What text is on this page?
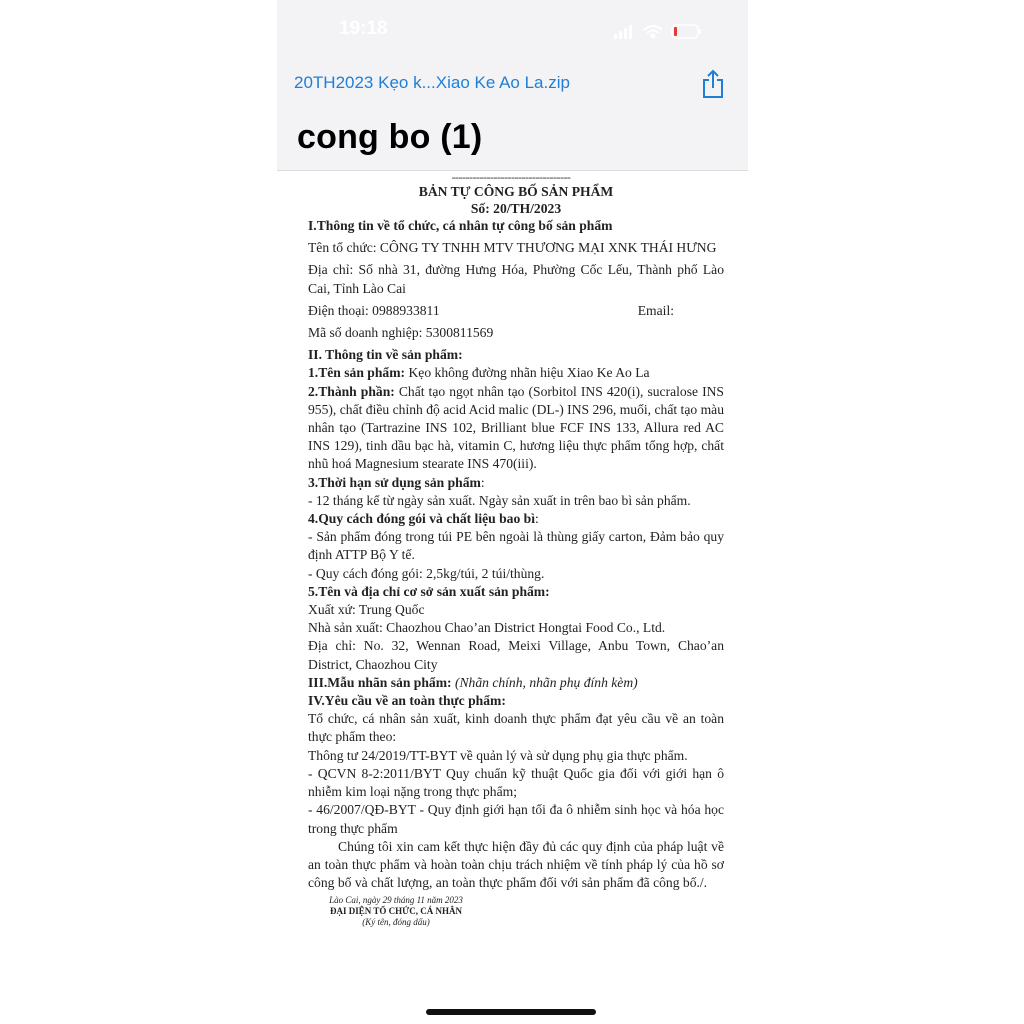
19:18
20TH2023 Kẹo k...Xiao Ke Ao La.zip
cong bo (1)
----------------------------------
BẢN TỰ CÔNG BỐ SẢN PHẨM
Số: 20/TH/2023

I.Thông tin về tổ chức, cá nhân tự công bố sản phẩm

Tên tổ chức: CÔNG TY TNHH MTV THƯƠNG MẠI XNK THÁI HƯNG

Địa chỉ: Số nhà 31, đường Hưng Hóa, Phường Cốc Lếu, Thành phố Lào Cai, Tỉnh Lào Cai

Điện thoại: 0988933811	Email:

Mã số doanh nghiệp: 5300811569

II. Thông tin về sản phẩm:

1.Tên sản phẩm: Kẹo không đường nhãn hiệu Xiao Ke Ao La

2.Thành phần: Chất tạo ngọt nhân tạo (Sorbitol INS 420(i), sucralose INS 955), chất điều chỉnh độ acid Acid malic (DL-) INS 296, muối, chất tạo màu nhân tạo (Tartrazine INS 102, Brilliant blue FCF INS 133, Allura red AC INS 129), tinh dầu bạc hà, vitamin C, hương liệu thực phẩm tổng hợp, chất nhũ hoá Magnesium stearate INS 470(iii).

3.Thời hạn sử dụng sản phẩm:

- 12 tháng kể từ ngày sản xuất. Ngày sản xuất in trên bao bì sản phẩm.

4.Quy cách đóng gói và chất liệu bao bì:

- Sản phẩm đóng trong túi PE bên ngoài là thùng giấy carton, Đảm bảo quy định ATTP Bộ Y tế.

- Quy cách đóng gói: 2,5kg/túi, 2 túi/thùng.

5.Tên và địa chỉ cơ sở sản xuất sản phẩm:

Xuất xứ: Trung Quốc

Nhà sản xuất: Chaozhou Chao’an District Hongtai Food Co., Ltd.

Địa chỉ: No. 32, Wennan Road, Meixi Village, Anbu Town, Chao’an District, Chaozhou City

III.Mẫu nhãn sản phẩm: (Nhãn chính, nhãn phụ đính kèm)

IV.Yêu cầu về an toàn thực phẩm:

Tổ chức, cá nhân sản xuất, kinh doanh thực phẩm đạt yêu cầu về an toàn thực phẩm theo:

Thông tư 24/2019/TT-BYT về quản lý và sử dụng phụ gia thực phẩm.

- QCVN 8-2:2011/BYT Quy chuẩn kỹ thuật Quốc gia đối với giới hạn ô nhiễm kim loại nặng trong thực phẩm;

- 46/2007/QĐ-BYT - Quy định giới hạn tối đa ô nhiễm sinh học và hóa học trong thực phẩm

Chúng tôi xin cam kết thực hiện đầy đủ các quy định của pháp luật về an toàn thực phẩm và hoàn toàn chịu trách nhiệm về tính pháp lý của hồ sơ công bố và chất lượng, an toàn thực phẩm đối với sản phẩm đã công bố./.

Lào Cai, ngày 29 tháng 11 năm 2023
ĐẠI DIỆN TỔ CHỨC, CÁ NHÂN
(Ký tên, đóng dấu)
